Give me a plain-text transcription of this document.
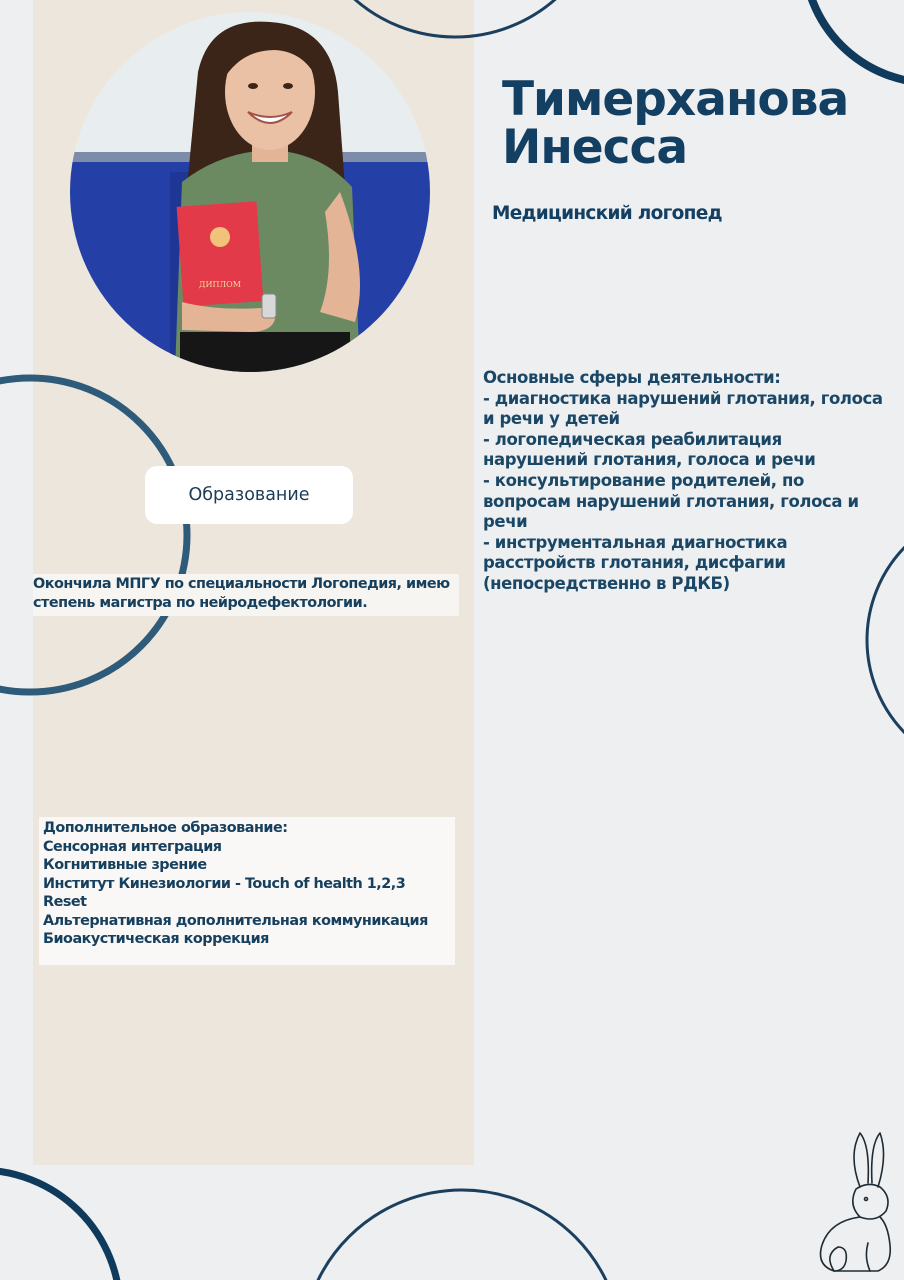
ДИПЛОМ
Тимерханова
Инесса
Медицинский логопед
Основные сферы деятельности:
- диагностика нарушений глотания, голоса и речи у детей
- логопедическая реабилитация нарушений глотания, голоса и речи
- консультирование родителей, по вопросам нарушений глотания, голоса и речи
- инструментальная диагностика расстройств глотания, дисфагии (непосредственно в РДКБ)
Образование
Окончила МПГУ по специальности Логопедия, имею степень магистра по нейродефектологии.
Дополнительное образование:
Сенсорная интеграция
Когнитивные зрение
Институт Кинезиологии - Touch of health 1,2,3 Reset
Альтернативная дополнительная коммуникация
Биоакустическая коррекция
